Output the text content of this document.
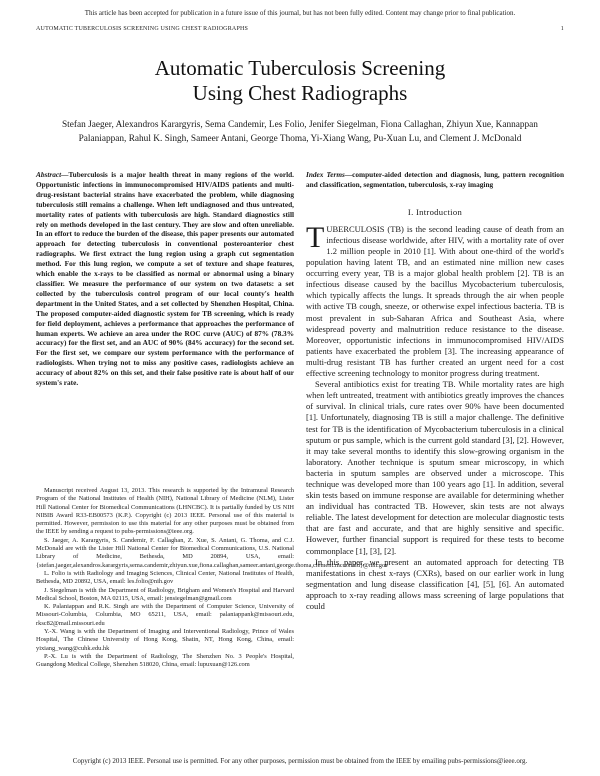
This article has been accepted for publication in a future issue of this journal, but has not been fully edited. Content may change prior to final publication.
AUTOMATIC TUBERCULOSIS SCREENING USING CHEST RADIOGRAPHS	1
Automatic Tuberculosis Screening
Using Chest Radiographs
Stefan Jaeger, Alexandros Karargyris, Sema Candemir, Les Folio, Jenifer Siegelman, Fiona Callaghan, Zhiyun Xue, Kannappan Palaniappan, Rahul K. Singh, Sameer Antani, George Thoma, Yi-Xiang Wang, Pu-Xuan Lu, and Clement J. McDonald

Abstract—Tuberculosis is a major health threat in many regions of the world. Opportunistic infections in immunocompromised HIV/AIDS patients and multi-drug-resistant bacterial strains have exacerbated the problem, while diagnosing tuberculosis still remains a challenge. When left undiagnosed and thus untreated, mortality rates of patients with tuberculosis are high. Standard diagnostics still rely on methods developed in the last century. They are slow and often unreliable. In an effort to reduce the burden of the disease, this paper presents our automated approach for detecting tuberculosis in conventional posteroanterior chest radiographs. We first extract the lung region using a graph cut segmentation method. For this lung region, we compute a set of texture and shape features, which enable the x-rays to be classified as normal or abnormal using a binary classifier. We measure the performance of our system on two datasets: a set collected by the tuberculosis control program of our local county's health department in the United States, and a set collected by Shenzhen Hospital, China. The proposed computer-aided diagnostic system for TB screening, which is ready for field deployment, achieves a performance that approaches the performance of human experts. We achieve an area under the ROC curve (AUC) of 87% (78.3% accuracy) for the first set, and an AUC of 90% (84% accuracy) for the second set. For the first set, we compare our system performance with the performance of radiologists. When trying not to miss any positive cases, radiologists achieve an accuracy of about 82% on this set, and their false positive rate is about half of our system's rate.

Manuscript received August 13, 2013. This research is supported by the Intramural Research Program of the National Institutes of Health (NIH), National Library of Medicine (NLM), Lister Hill National Center for Biomedical Communications (LHNCBC). It is partially funded by US NIH NIBIB Award R33-EB00573 (K.P.). Copyright (c) 2013 IEEE. Personal use of this material is permitted. However, permission to use this material for any other purposes must be obtained from the IEEE by sending a request to pubs-permissions@ieee.org.

S. Jaeger, A. Karargyris, S. Candemir, F. Callaghan, Z. Xue, S. Antani, G. Thoma, and C.J. McDonald are with the Lister Hill National Center for Biomedical Communications, U.S. National Library of Medicine, Bethesda, MD 20894, USA, email: {stefan.jaeger,alexandros.karargyris,sema.candemir,zhiyun.xue,fiona.callaghan,sameer.antani,george.thoma,clement.mcdonald}@nih.gov

L. Folio is with Radiology and Imaging Sciences, Clinical Center, National Institutes of Health, Bethesda, MD 20892, USA, email: les.folio@nih.gov

J. Siegelman is with the Department of Radiology, Brigham and Women's Hospital and Harvard Medical School, Boston, MA 02115, USA, email: jensiegelman@gmail.com

K. Palaniappan and R.K. Singh are with the Department of Computer Science, University of Missouri-Columbia, Columbia, MO 65211, USA, email: palaniappank@missouri.edu, rksc82@mail.missouri.edu

Y.-X. Wang is with the Department of Imaging and Interventional Radiology, Prince of Wales Hospital, The Chinese University of Hong Kong, Shatin, NT, Hong Kong, China, email: yixiang_wang@cuhk.edu.hk

P.-X. Lu is with the Department of Radiology, The Shenzhen No. 3 People's Hospital, Guangdong Medical College, Shenzhen 518020, China, email: lupuxuan@126.com

Index Terms—computer-aided detection and diagnosis, lung, pattern recognition and classification, segmentation, tuberculosis, x-ray imaging

I. Introduction

TUBERCULOSIS (TB) is the second leading cause of death from an infectious disease worldwide, after HIV, with a mortality rate of over 1.2 million people in 2010 [1]. With about one-third of the world's population having latent TB, and an estimated nine million new cases occurring every year, TB is a major global health problem [2]. TB is an infectious disease caused by the bacillus Mycobacterium tuberculosis, which typically affects the lungs. It spreads through the air when people with active TB cough, sneeze, or otherwise expel infectious bacteria. TB is most prevalent in sub-Saharan Africa and Southeast Asia, where widespread poverty and malnutrition reduce resistance to the disease. Moreover, opportunistic infections in immunocompromised HIV/AIDS patients have exacerbated the problem [3]. The increasing appearance of multi-drug resistant TB has further created an urgent need for a cost effective screening technology to monitor progress during treatment.

Several antibiotics exist for treating TB. While mortality rates are high when left untreated, treatment with antibiotics greatly improves the chances of survival. In clinical trials, cure rates over 90% have been documented [1]. Unfortunately, diagnosing TB is still a major challenge. The definitive test for TB is the identification of Mycobacterium tuberculosis in a clinical sputum or pus sample, which is the current gold standard [3], [2]. However, it may take several months to identify this slow-growing organism in the laboratory. Another technique is sputum smear microscopy, in which bacteria in sputum samples are observed under a microscope. This technique was developed more than 100 years ago [1]. In addition, several skin tests based on immune response are available for determining whether an individual has contracted TB. However, skin tests are not always reliable. The latest development for detection are molecular diagnostic tests that are fast and accurate, and that are highly sensitive and specific. However, further financial support is required for these tests to become commonplace [1], [3], [2].

In this paper, we present an automated approach for detecting TB manifestations in chest x-rays (CXRs), based on our earlier work in lung segmentation and lung disease classification [4], [5], [6]. An automated approach to x-ray reading allows mass screening of large populations that could

Copyright (c) 2013 IEEE. Personal use is permitted. For any other purposes, permission must be obtained from the IEEE by emailing pubs-permissions@ieee.org.
